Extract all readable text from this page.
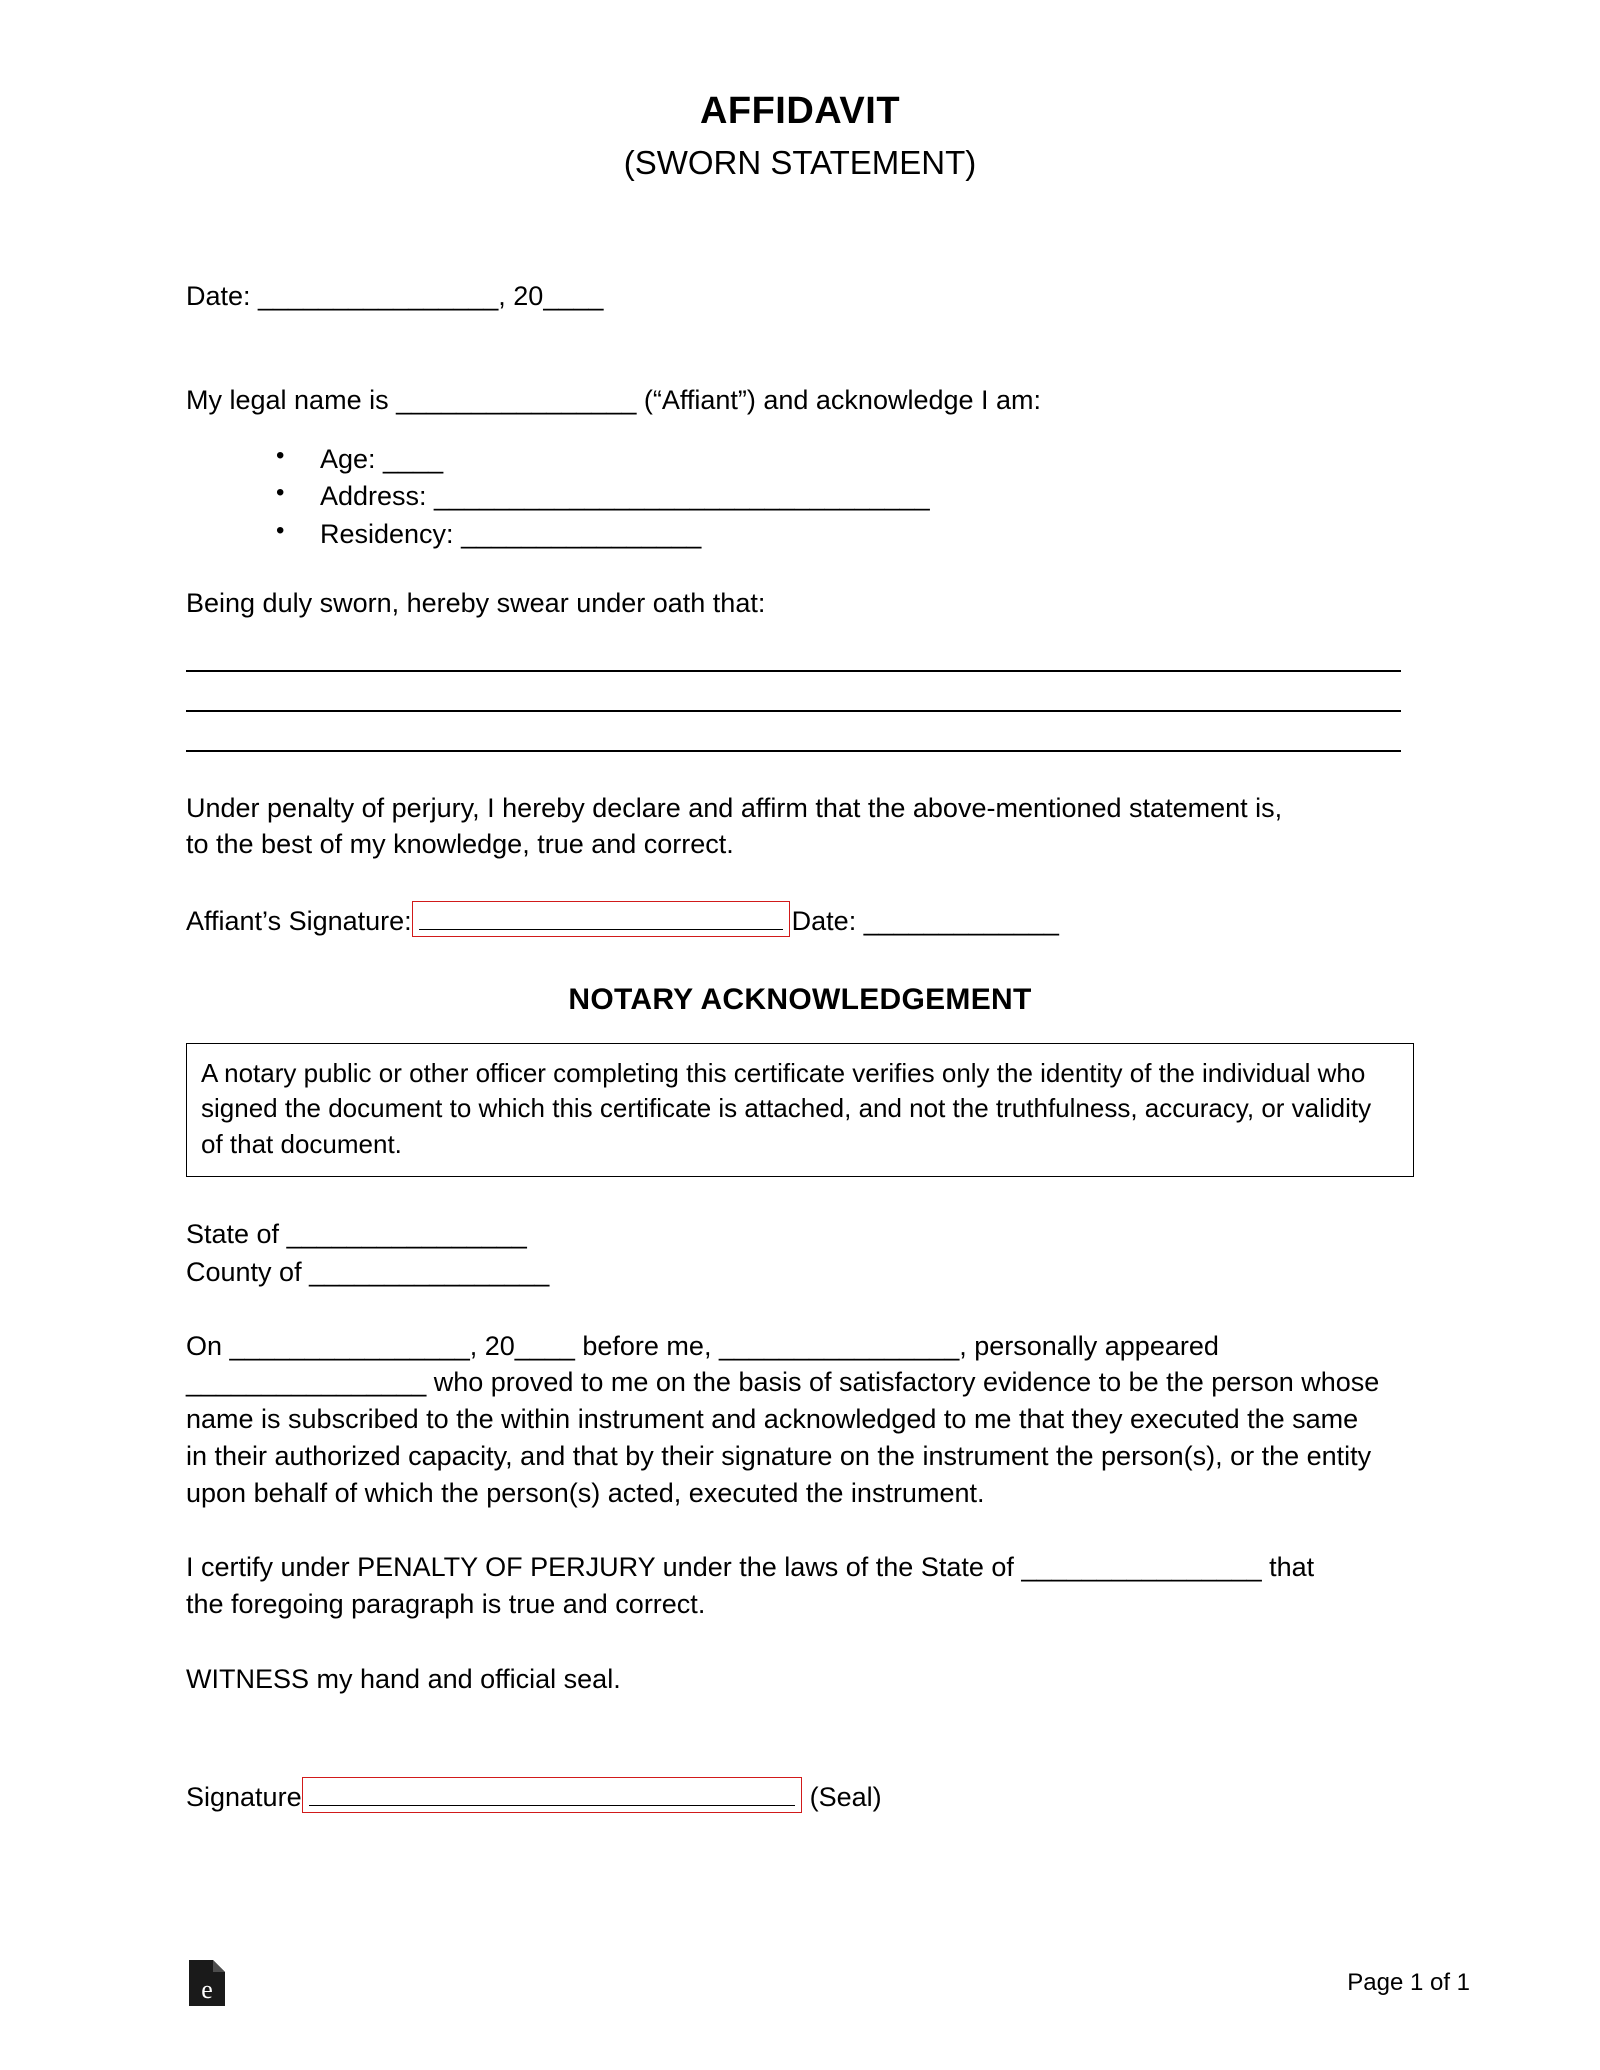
AFFIDAVIT
(SWORN STATEMENT)
Date: ________________, 20____
My legal name is ________________ (“Affiant”) and acknowledge I am:
• Age: ____
• Address: _________________________________
• Residency: ________________
Being duly sworn, hereby swear under oath that:
Under penalty of perjury, I hereby declare and affirm that the above-mentioned statement is, to the best of my knowledge, true and correct.
Affiant’s Signature:	Date: _____________
NOTARY ACKNOWLEDGEMENT
A notary public or other officer completing this certificate verifies only the identity of the individual who signed the document to which this certificate is attached, and not the truthfulness, accuracy, or validity of that document.
State of ________________
County of ________________
On ________________, 20____ before me, ________________, personally appeared ________________ who proved to me on the basis of satisfactory evidence to be the person whose name is subscribed to the within instrument and acknowledged to me that they executed the same in their authorized capacity, and that by their signature on the instrument the person(s), or the entity upon behalf of which the person(s) acted, executed the instrument.
I certify under PENALTY OF PERJURY under the laws of the State of ________________ that the foregoing paragraph is true and correct.
WITNESS my hand and official seal.
Signature	(Seal)
e	Page 1 of 1
